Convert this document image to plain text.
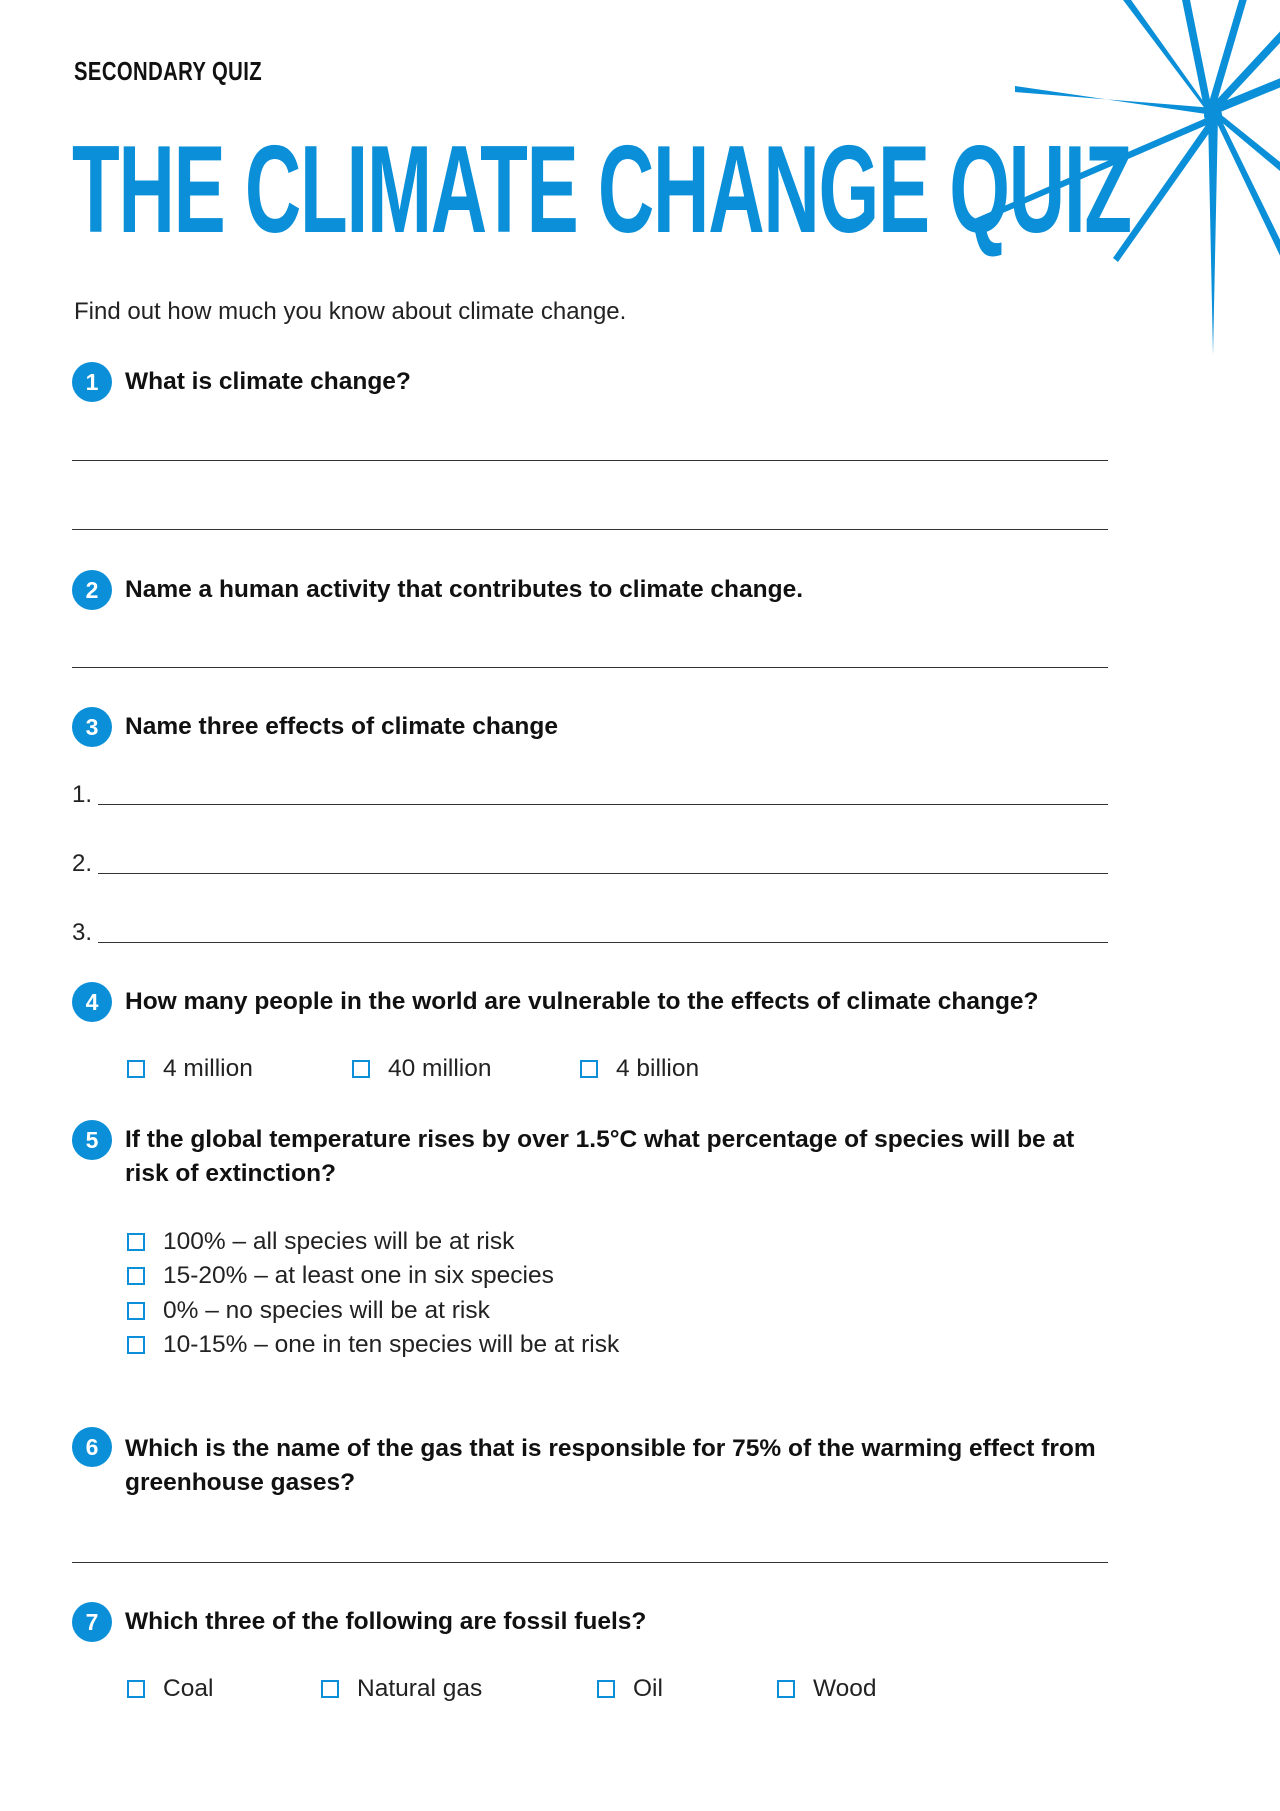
SECONDARY QUIZ
THE CLIMATE CHANGE QUIZ
Find out how much you know about climate change.
1	What is climate change?
2	Name a human activity that contributes to climate change.
3	Name three effects of climate change
1.
2.
3.
4	How many people in the world are vulnerable to the effects of climate change?
4 million	40 million	4 billion
5	If the global temperature rises by over 1.5°C what percentage of species will be at risk of extinction?
100% – all species will be at risk
15-20% – at least one in six species
0% – no species will be at risk
10-15% – one in ten species will be at risk
6	Which is the name of the gas that is responsible for 75% of the warming effect from greenhouse gases?
7	Which three of the following are fossil fuels?
Coal	Natural gas	Oil	Wood
